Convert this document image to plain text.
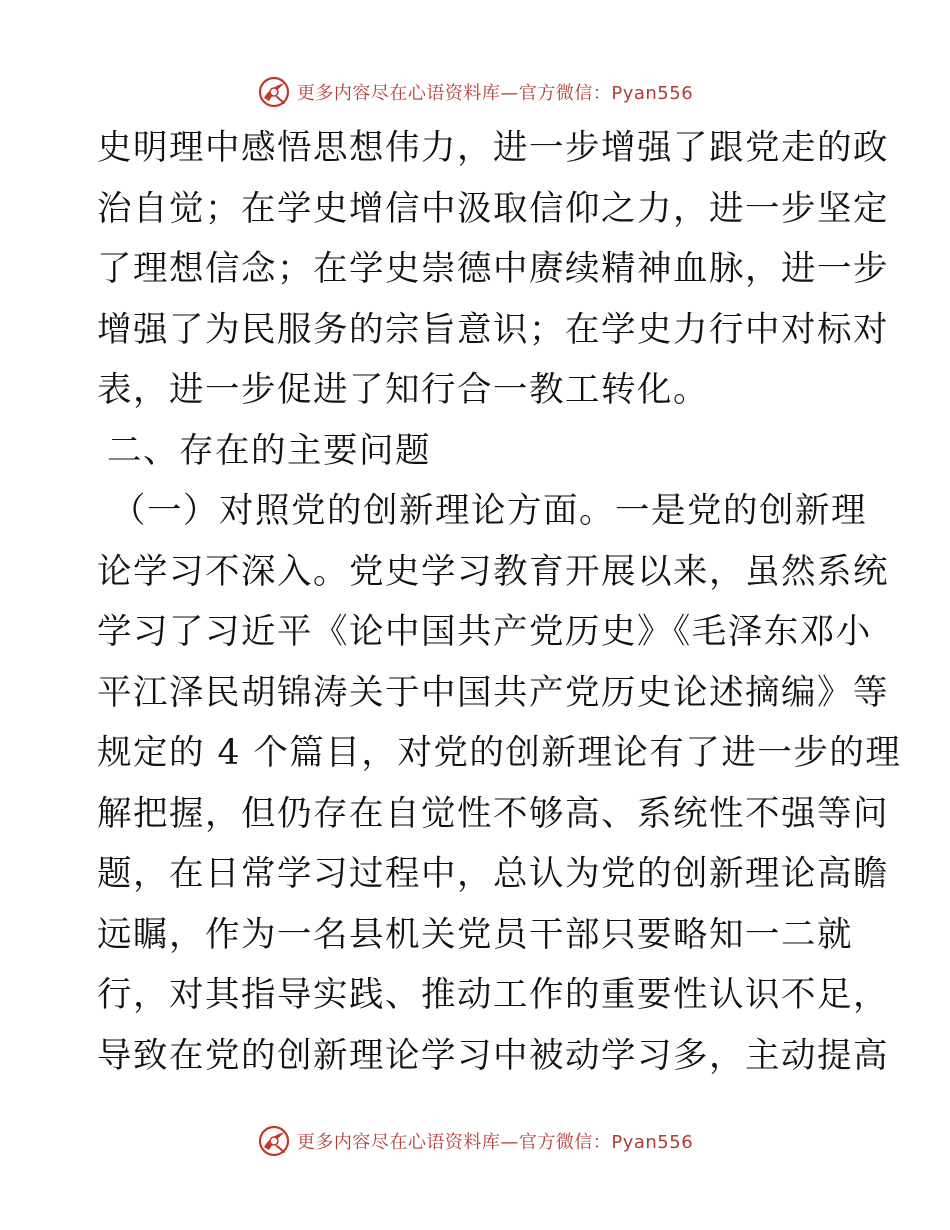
更多内容尽在心语资料库—官方微信：Pyan556
史明理中感悟思想伟力，进一步增强了跟党走的政
治自觉；在学史增信中汲取信仰之力，进一步坚定
了理想信念；在学史崇德中赓续精神血脉，进一步
增强了为民服务的宗旨意识；在学史力行中对标对
表，进一步促进了知行合一教工转化。
二、存在的主要问题
（一）对照党的创新理论方面。一是党的创新理
论学习不深入。党史学习教育开展以来，虽然系统
学习了习近平《论中国共产党历史》《毛泽东邓小
平江泽民胡锦涛关于中国共产党历史论述摘编》等
规定的 4 个篇目，对党的创新理论有了进一步的理
解把握，但仍存在自觉性不够高、系统性不强等问
题，在日常学习过程中，总认为党的创新理论高瞻
远瞩，作为一名县机关党员干部只要略知一二就
行，对其指导实践、推动工作的重要性认识不足，
导致在党的创新理论学习中被动学习多，主动提高
更多内容尽在心语资料库—官方微信：Pyan556
